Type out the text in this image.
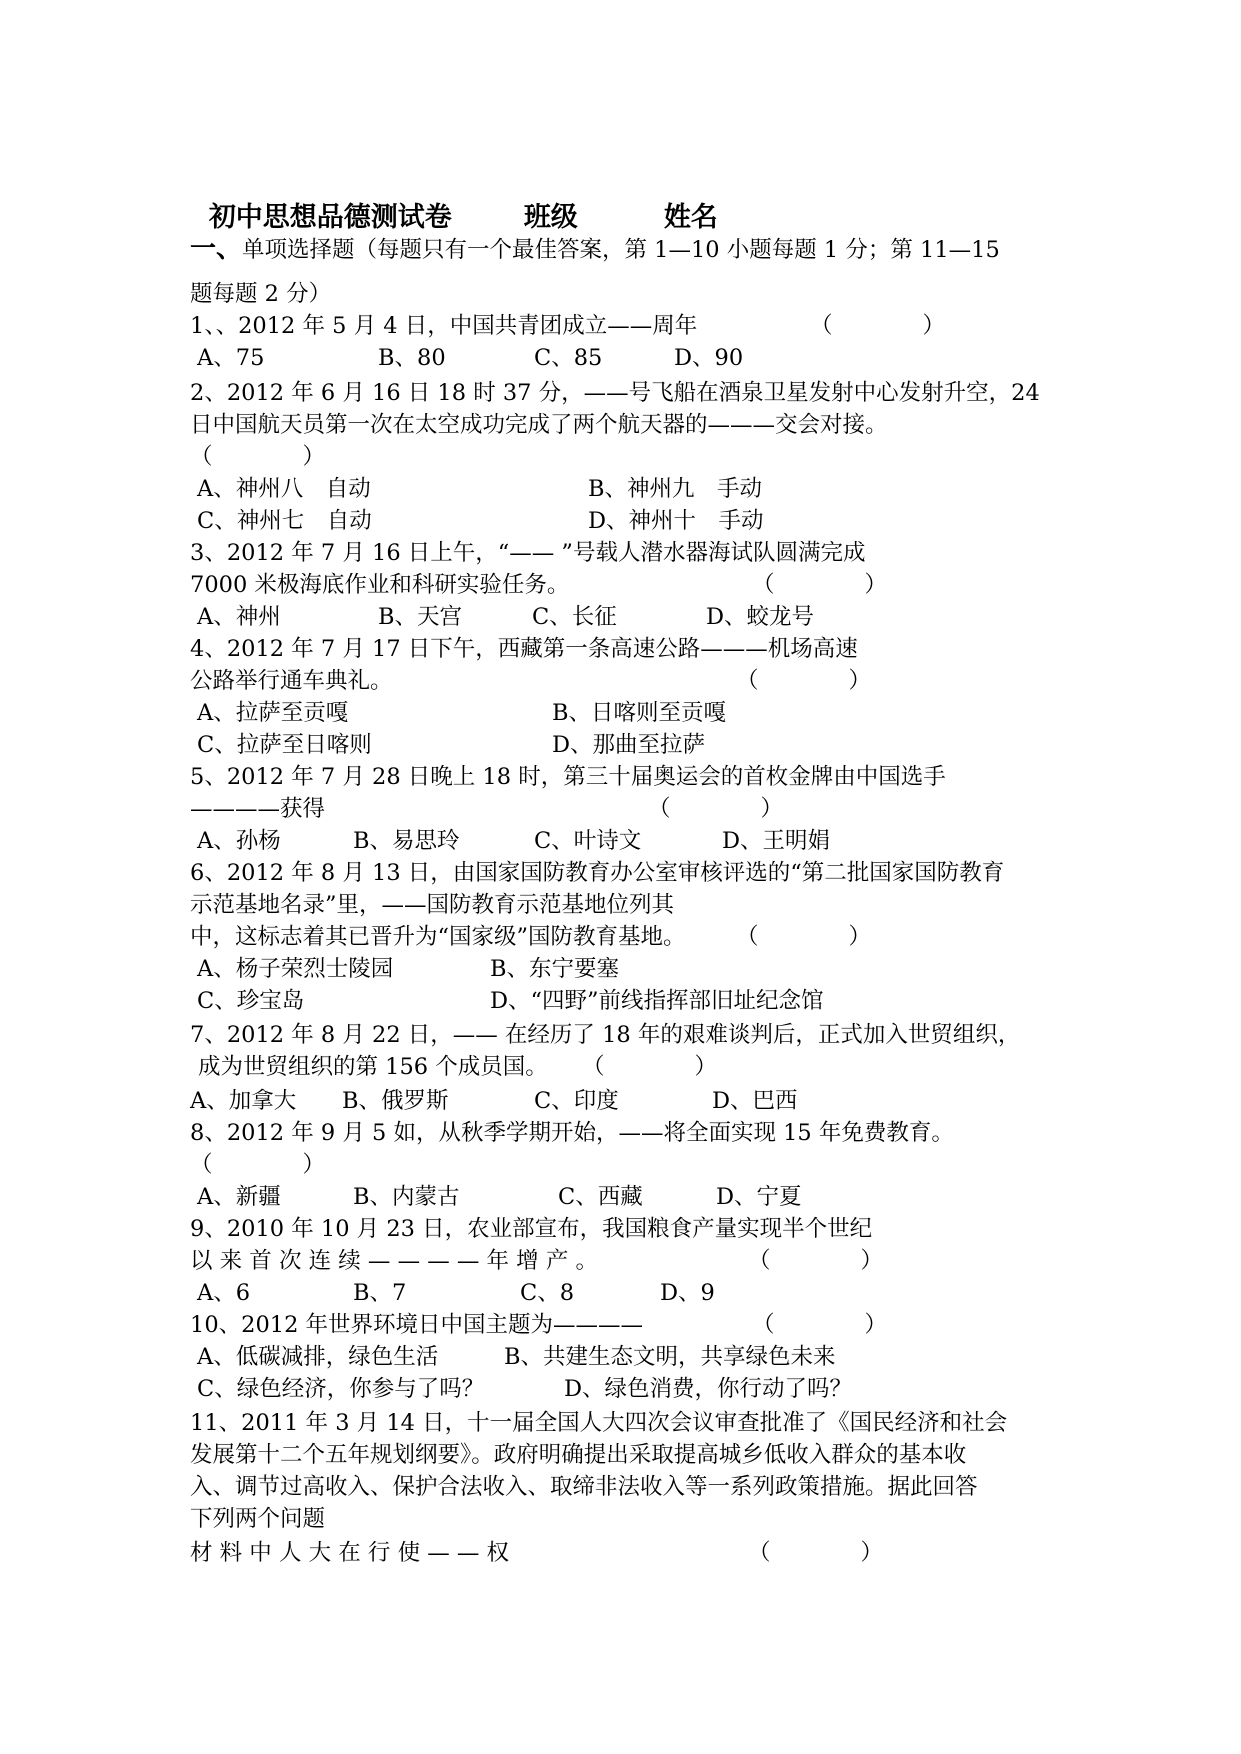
初中思想品德测试卷	班级	姓名

一、单项选择题（每题只有一个最佳答案，第 1—10 小题每题 1 分；第 11—15
题每题 2 分）
1、、2012 年 5 月 4 日，中国共青团成立——周年	（　　　　）
A、75	B、80	C、85	D、90
2、2012 年 6 月 16 日 18 时 37 分，——号飞船在酒泉卫星发射中心发射升空，24
日中国航天员第一次在太空成功完成了两个航天器的———交会对接。
（　　　　）
A、神州八　自动	B、神州九　手动
C、神州七　自动	D、神州十　手动
3、2012 年 7 月 16 日上午，“—— ”号载人潜水器海试队圆满完成
7000 米极海底作业和科研实验任务。	（　　　　）
A、神州	B、天宫	C、长征	D、蛟龙号
4、2012 年 7 月 17 日下午，西藏第一条高速公路———机场高速
公路举行通车典礼。	（　　　　）
A、拉萨至贡嘎	B、日喀则至贡嘎
C、拉萨至日喀则	D、那曲至拉萨
5、2012 年 7 月 28 日晚上 18 时，第三十届奥运会的首枚金牌由中国选手
————获得	（　　　　）
A、孙杨	B、易思玲	C、叶诗文	D、王明娟
6、2012 年 8 月 13 日，由国家国防教育办公室审核评选的“第二批国家国防教育
示范基地名录”里，——国防教育示范基地位列其
中，这标志着其已晋升为“国家级”国防教育基地。 （　　　　）
A、杨子荣烈士陵园	B、东宁要塞
C、珍宝岛	D、“四野”前线指挥部旧址纪念馆
7、2012 年 8 月 22 日，—— 在经历了 18 年的艰难谈判后，正式加入世贸组织，
成为世贸组织的第 156 个成员国。 （　　　　）
A、加拿大 B、俄罗斯	C、印度	D、巴西
8、2012 年 9 月 5 如，从秋季学期开始，——将全面实现 15 年免费教育。
（　　　　）
A、新疆	B、内蒙古	C、西藏	D、宁夏
9、2010 年 10 月 23 日，农业部宣布，我国粮食产量实现半个世纪
以 来 首 次 连 续 — — — — 年 增 产 。	（　　　　）
A、6	B、7	C、8	D、9
10、2012 年世界环境日中国主题为————	（　　　　）
A、低碳减排，绿色生活	B、共建生态文明，共享绿色未来
C、绿色经济，你参与了吗？	D、绿色消费，你行动了吗？
11、2011 年 3 月 14 日，十一届全国人大四次会议审查批准了《国民经济和社会
发展第十二个五年规划纲要》。政府明确提出采取提高城乡低收入群众的基本收
入、调节过高收入、保护合法收入、取缔非法收入等一系列政策措施。据此回答
下列两个问题
材 料 中 人 大 在 行 使 — — 权	（　　　　）
